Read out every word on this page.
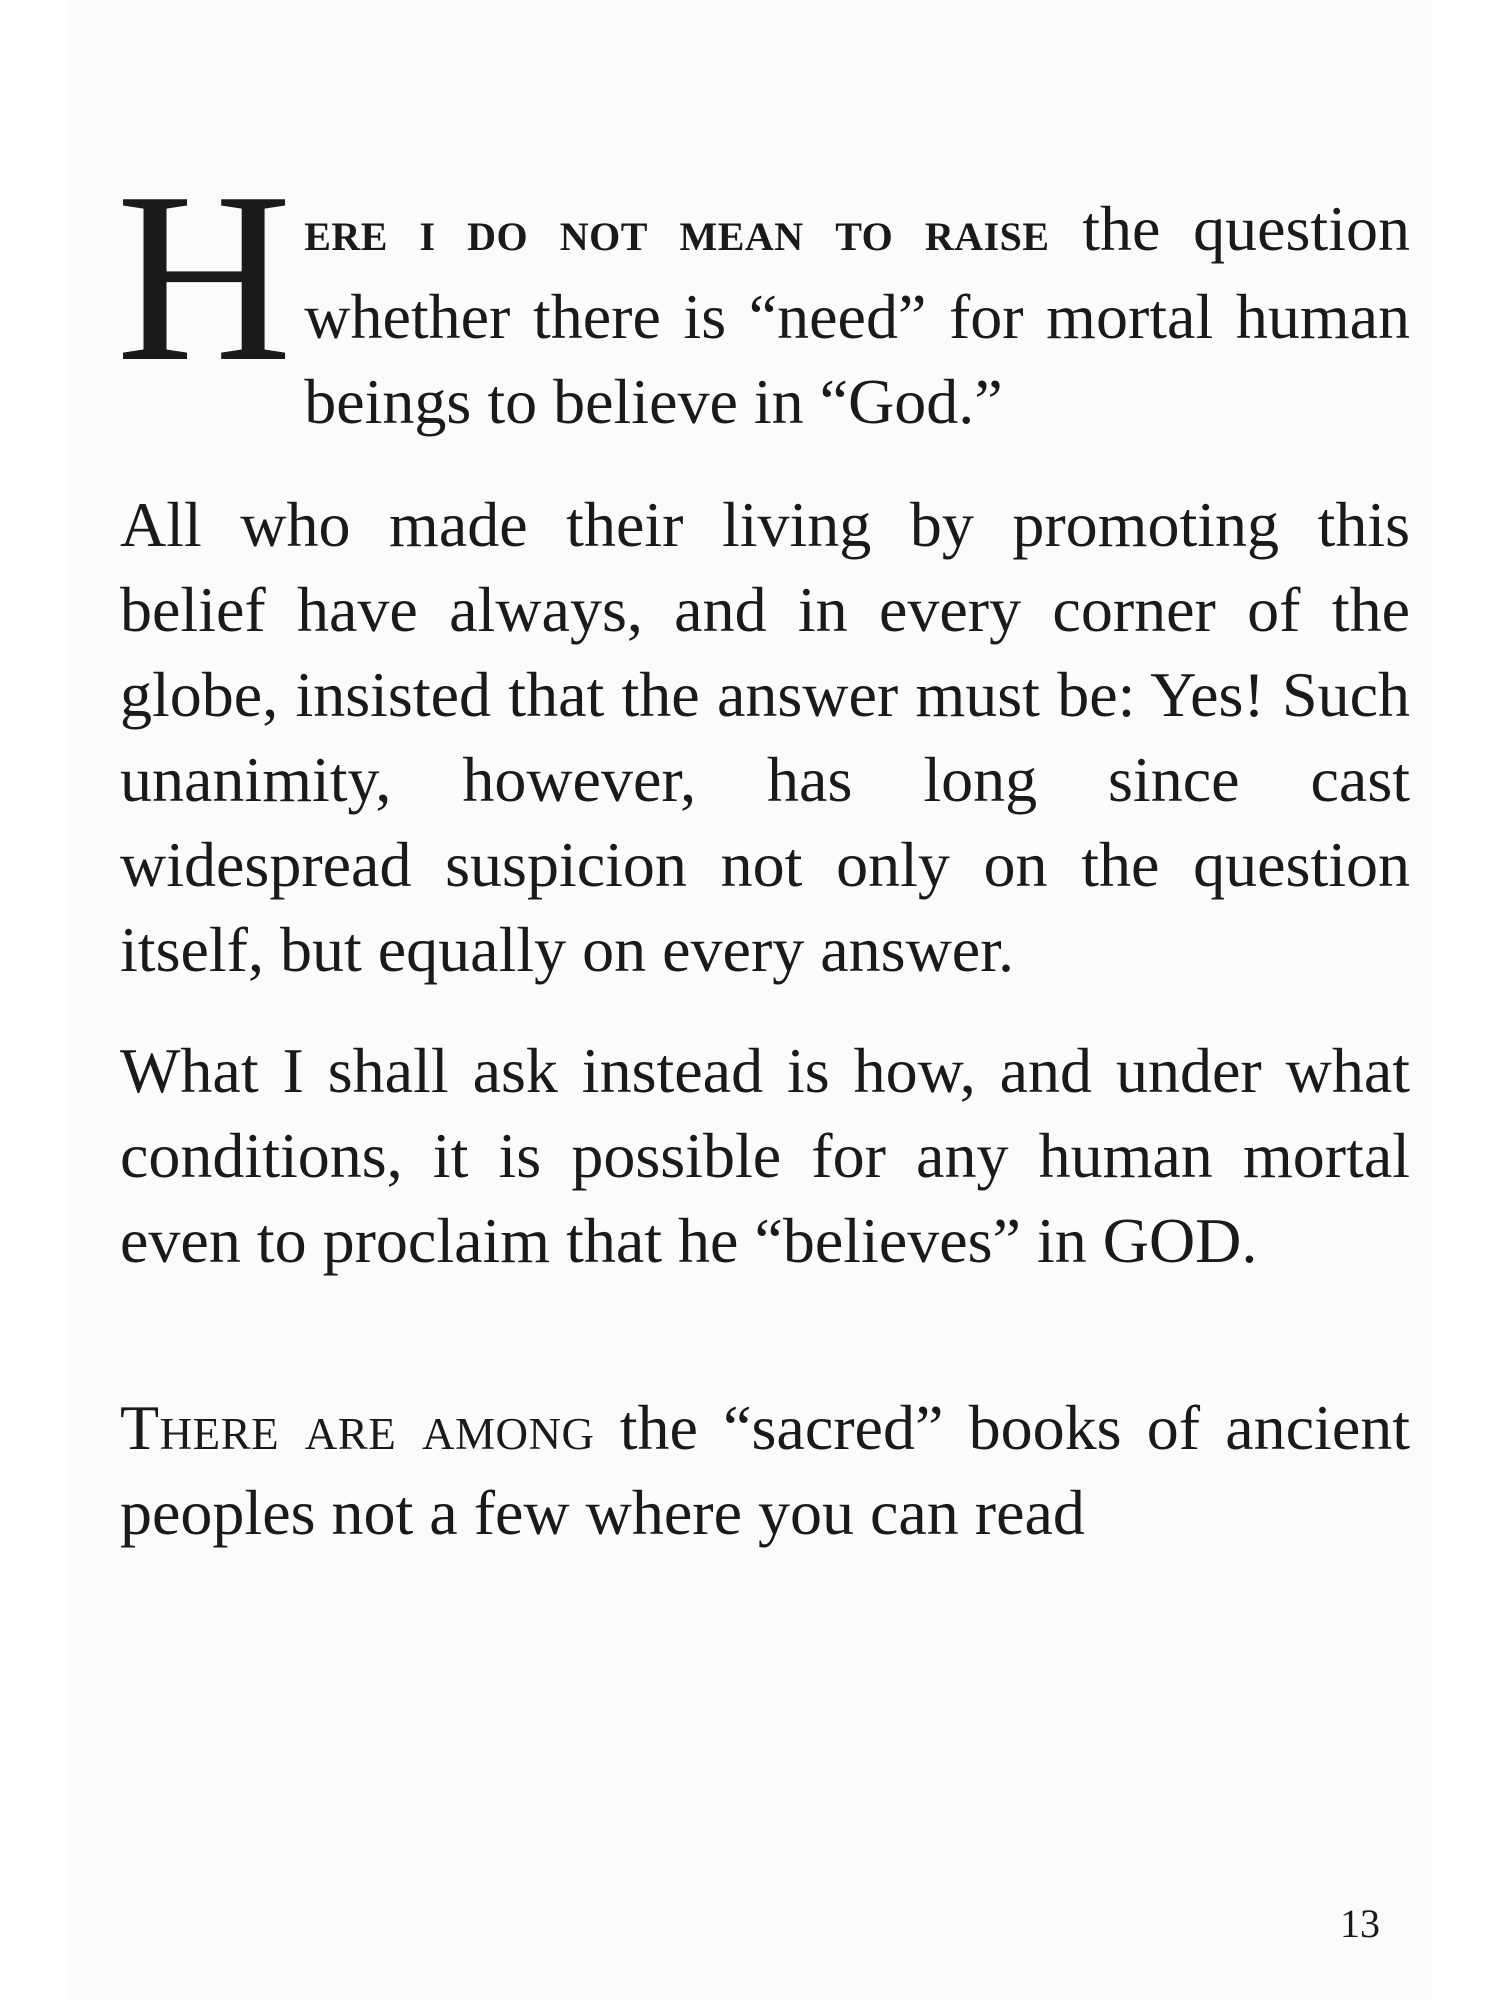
Here i do not mean to raise the question whether there is “need” for mortal human beings to believe in “God.”

All who made their living by promoting this belief have always, and in every corner of the globe, insisted that the answer must be: Yes! Such unanimity, however, has long since cast widespread suspicion not only on the question itself, but equally on every answer.

What I shall ask instead is how, and under what conditions, it is possible for any human mortal even to proclaim that he “believes” in GOD.

There are among the “sacred” books of ancient peoples not a few where you can read

13
